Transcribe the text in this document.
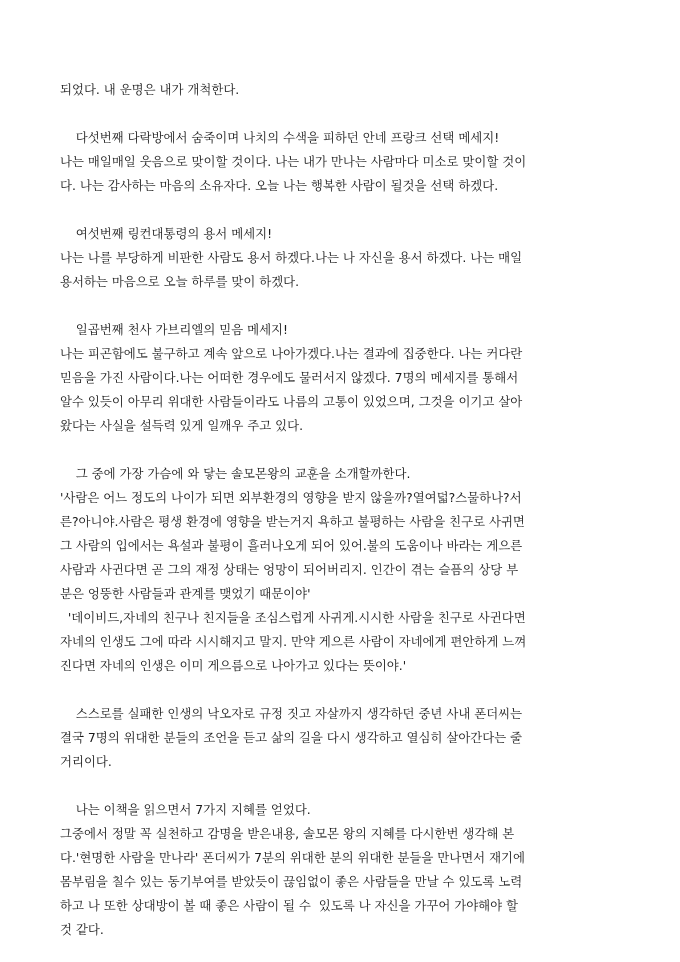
되었다. 내 운명은 내가 개척한다.

다섯번째 다락방에서 숨죽이며 나치의 수색을 피하던 안네 프랑크 선택 메세지!
나는 매일매일 웃음으로 맞이할 것이다. 나는 내가 만나는 사람마다 미소로 맞이할 것이
다. 나는 감사하는 마음의 소유자다. 오늘 나는 행복한 사람이 될것을 선택 하겠다.

여섯번째 링컨대통령의 용서 메세지!
나는 나를 부당하게 비판한 사람도 용서 하겠다.나는 나 자신을 용서 하겠다. 나는 매일
용서하는 마음으로 오늘 하루를 맞이 하겠다.

일곱번째 천사 가브리엘의 믿음 메세지!
나는 피곤함에도 불구하고 계속 앞으로 나아가겠다.나는 결과에 집중한다. 나는 커다란
믿음을 가진 사람이다.나는 어떠한 경우에도 물러서지 않겠다. 7명의 메세지를 통해서
알수 있듯이 아무리 위대한 사람들이라도 나름의 고통이 있었으며, 그것을 이기고 살아
왔다는 사실을 설득력 있게 일깨우 주고 있다.

그 중에 가장 가슴에 와 닿는 솔모몬왕의 교훈을 소개할까한다.
'사람은 어느 정도의 나이가 되면 외부환경의 영향을 받지 않을까?열여덟?스물하나?서
른?아니야.사람은 평생 환경에 영향을 받는거지 욕하고 불평하는 사람을 친구로 사귀면
그 사람의 입에서는 욕설과 불평이 흘러나오게 되어 있어.불의 도움이나 바라는 게으른
사람과 사귄다면 곧 그의 재정 상태는 엉망이 되어버리지. 인간이 겪는 슬픔의 상당 부
분은 엉뚱한 사람들과 관계를 맺었기 때문이야'
'데이비드,자네의 친구나 친지들을 조심스럽게 사귀게.시시한 사람을 친구로 사귄다면
자네의 인생도 그에 따라 시시해지고 말지. 만약 게으른 사람이 자네에게 편안하게 느껴
진다면 자네의 인생은 이미 게으름으로 나아가고 있다는 뜻이야.'

스스로를 실패한 인생의 낙오자로 규정 짓고 자살까지 생각하던 중년 사내 폰더씨는
결국 7명의 위대한 분들의 조언을 듣고 삶의 길을 다시 생각하고 열심히 살아간다는 줄
거리이다.

나는 이책을 읽으면서 7가지 지혜를 얻었다.
그중에서 정말 꼭 실천하고 감명을 받은내용, 솔모몬 왕의 지혜를 다시한번 생각해 본
다.'현명한 사람을 만나라' 폰더씨가 7분의 위대한 분의 위대한 분들을 만나면서 재기에
몸부림을 칠수 있는 동기부여를 받았듯이 끊임없이 좋은 사람들을 만날 수 있도록 노력
하고 나 또한 상대방이 볼 때 좋은 사람이 될 수  있도록 나 자신을 가꾸어 가야해야 할
것 같다.
